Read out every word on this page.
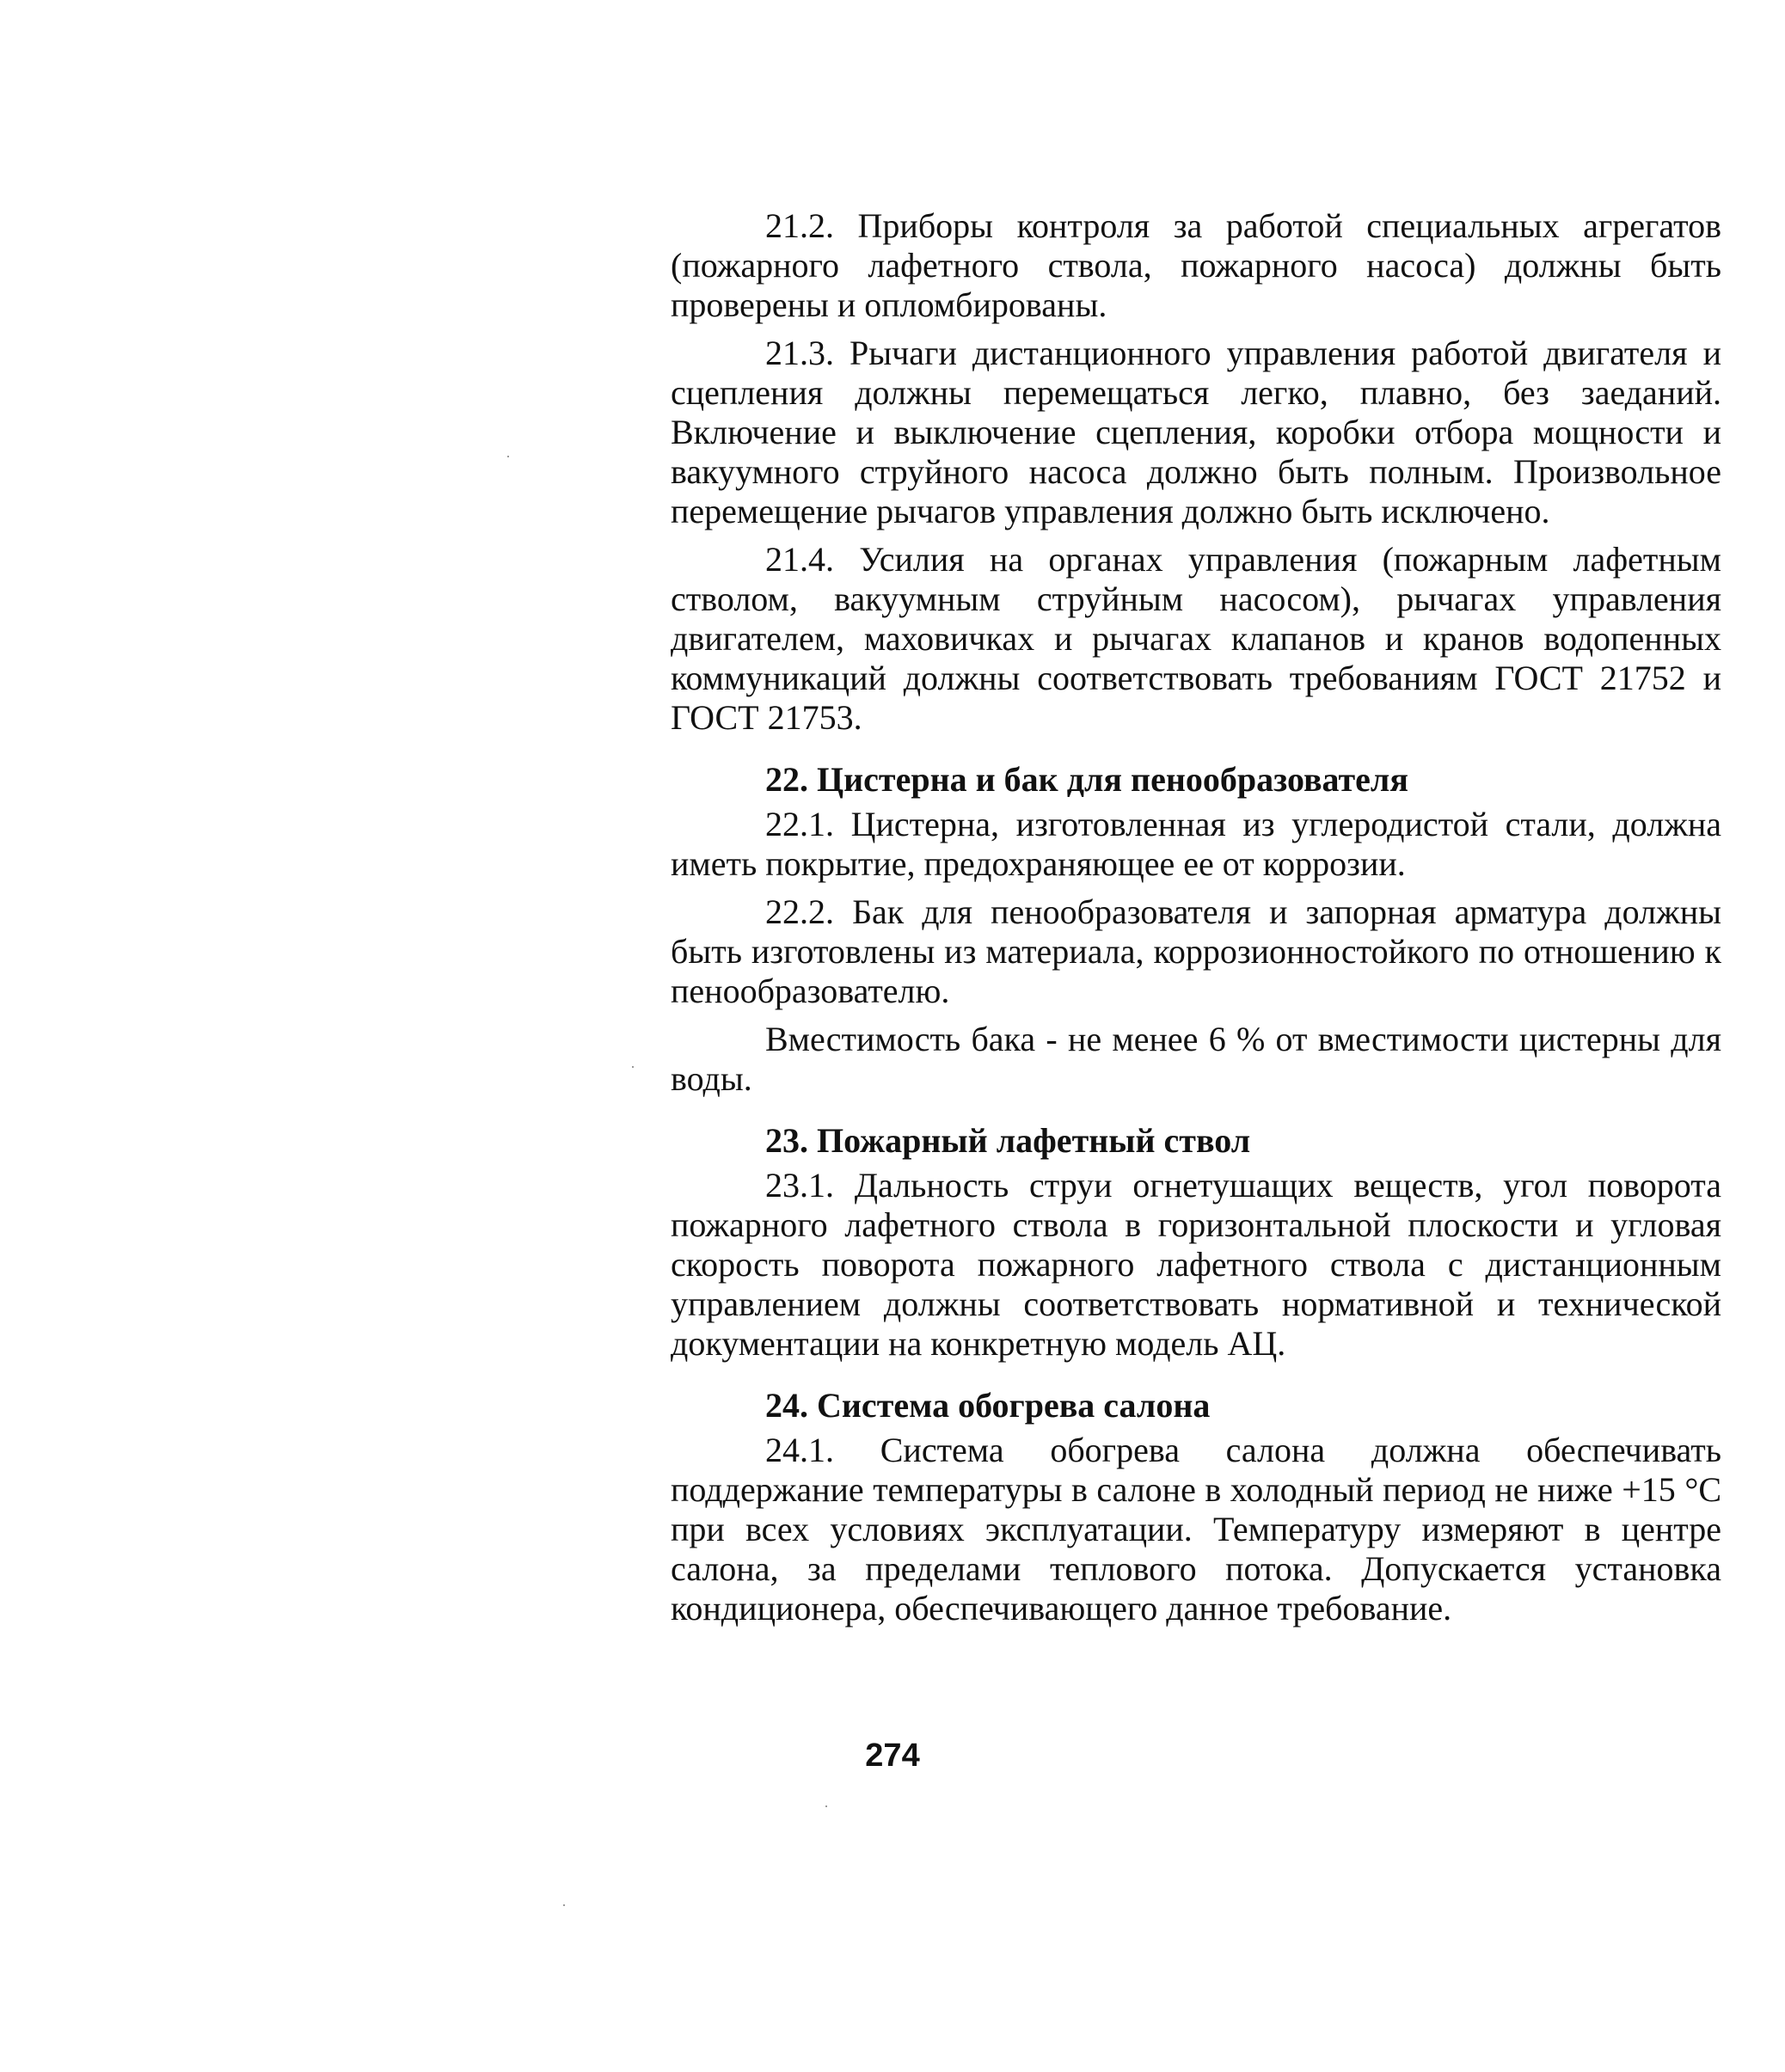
21.2. Приборы контроля за работой специальных агрегатов (пожарного лафетного ствола, пожарного насоса) должны быть проверены и опломбированы.

21.3. Рычаги дистанционного управления работой двигателя и сцепления должны перемещаться легко, плавно, без заеданий. Включение и выключение сцепления, коробки отбора мощности и вакуумного струйного насоса должно быть полным. Произвольное перемещение рычагов управления должно быть исключено.

21.4. Усилия на органах управления (пожарным лафетным стволом, вакуумным струйным насосом), рычагах управления двигателем, маховичках и рычагах клапанов и кранов водопенных коммуникаций должны соответствовать требованиям ГОСТ 21752 и ГОСТ 21753.

22. Цистерна и бак для пенообразователя

22.1. Цистерна, изготовленная из углеродистой стали, должна иметь покрытие, предохраняющее ее от коррозии.

22.2. Бак для пенообразователя и запорная арматура должны быть изготовлены из материала, коррозионностойкого по отношению к пенообразователю.

Вместимость бака - не менее 6 % от вместимости цистерны для воды.

23. Пожарный лафетный ствол

23.1. Дальность струи огнетушащих веществ, угол поворота пожарного лафетного ствола в горизонтальной плоскости и угловая скорость поворота пожарного лафетного ствола с дистанционным управлением должны соответствовать нормативной и технической документации на конкретную модель АЦ.

24. Система обогрева салона

24.1. Система обогрева салона должна обеспечивать поддержание температуры в салоне в холодный период не ниже +15 °С при всех условиях эксплуатации. Температуру измеряют в центре салона, за пределами теплового потока. Допускается установка кондиционера, обеспечивающего данное требование.

274
